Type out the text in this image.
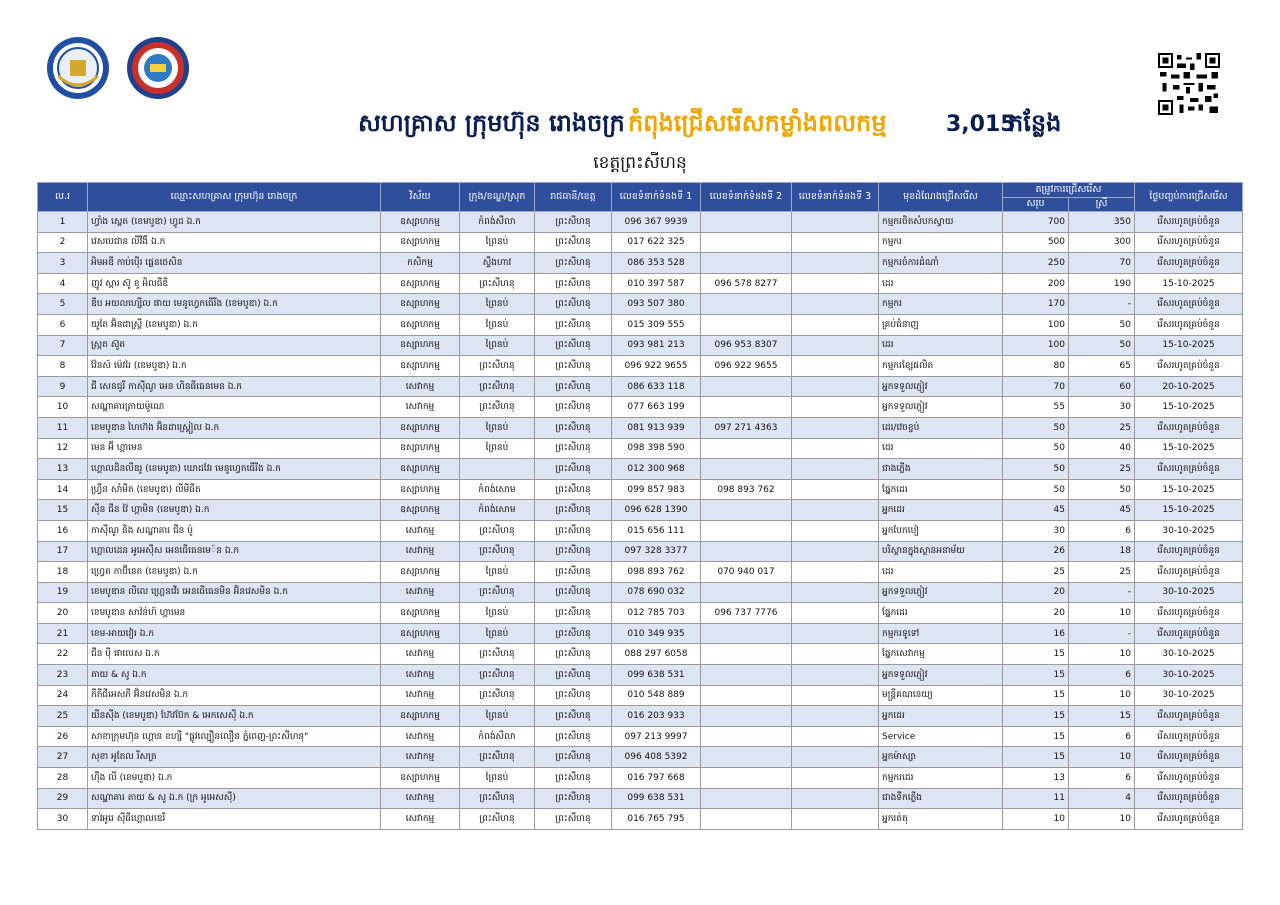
សហគ្រាស ក្រុមហ៊ុន រោងចក្រ កំពុងជ្រើសរើសកម្លាំងពលកម្ម	3,015
កន្លែង
ខេត្តព្រះសីហនុ
ល.រ	ឈ្មោះសហគ្រាស ក្រុមហ៊ុន រោងចក្រ	វិស័យ	ក្រុង/ខណ្ឌ/ស្រុក	រាជធានី/ខេត្ត	លេខទំនាក់ទំនងទី 1	លេខទំនាក់ទំនងទី 2	លេខទំនាក់ទំនងទី 3	មុខដំណែងជ្រើសរើស	តម្រូវការជ្រើសរើស		ថ្ងៃបញ្ចប់ការជ្រើសរើស
									សរុប	ស្រី	
1	ហ្វាំង ស្ពេត (ខេមបូឌា) ហ្វូដ ឯ.ក	ឧស្សាហកម្ម	កំពង់សីលា	ព្រះសីហនុ	096 367 9939			កម្មករចិតសំបកស្វាយ	700	350	រើសរហូតគ្រប់ចំនួន
2	វេសបេជាន លីវីងឹ ឯ.ក	ឧស្សាហកម្ម	ព្រៃនប់	ព្រះសីហនុ	017 622 325			កម្មករ	500	300	រើសរហូតគ្រប់ចំនួន
3	អិមអឌី កាប់ប៉ើរ ផ្លេនថេសិន	កសិកម្ម	ស្ទឹងហាវ	ព្រះសីហនុ	086 353 528			កម្មករចំការដំណាំ	250	70	រើសរហូតគ្រប់ចំនួន
4	ញូវ ស្តារ ស៊ូ ខូ អិលធីឌី	ឧស្សាហកម្ម	ព្រះសីហនុ	ព្រះសីហនុ	010 397 587	096 578 8277		ដេរ	200	190	15-10-2025
5	ឌីប អយលហ្សើល ផាយ មេនូហ្វេកធើរីង (ខេមបូឌា) ឯ.ក	ឧស្សាហកម្ម	ព្រៃនប់	ព្រះសីហនុ	093 507 380			កម្មករ	170	-	រើសរហូតគ្រប់ចំនួន
6	យូតៃ អ៊ិនដាស្ត្រី (ខេមបូឌា) ឯ.ក	ឧស្សាហកម្ម	ព្រៃនប់	ព្រះសីហនុ	015 309 555			គ្រប់ជំនាញ	100	50	រើសរហូតគ្រប់ចំនួន
7	ស្រ្កត ស៊ូត	ឧស្សាហកម្ម	ព្រៃនប់	ព្រះសីហនុ	093 981 213	096 953 8307		ដេរ	100	50	15-10-2025
8	វ៉ែនស៍ ម៉េវរៃ (ខេមបូឌា) ឯ.ក	ឧស្សាហកម្ម	ព្រះសីហនុ	ព្រះសីហនុ	096 922 9655	096 922 9655		កម្មករខ្សែផលិត	80	65	រើសរហូតគ្រប់ចំនួន
9	ជី សេនជូរី កាស៊ីណូ អេន ហិនធីធេនមេន ឯ.ក	សេវាកម្ម	ព្រះសីហនុ	ព្រះសីហនុ	086 633 118			អ្នកទទួលភ្ញៀវ	70	60	20-10-2025
10	សណ្ឋាគារត្រាយម៉ូណេ	សេវាកម្ម	ព្រះសីហនុ	ព្រះសីហនុ	077 663 199			អ្នកទទួលភ្ញៀវ	55	30	15-10-2025
11	ខេមបូឌាន ហៃហ៊ង អ៊ិនដាស្ត្រៀល ឯ.ក	ឧស្សាហកម្ម	ព្រៃនប់	ព្រះសីហនុ	081 913 939	097 271 4363		ដេរ/វេចខ្ចប់	50	25	រើសរហូតគ្រប់ចំនួន
12	មេន អ៊ី ហ្គាមេន	ឧស្សាហកម្ម	ព្រៃនប់	ព្រះសីហនុ	098 398 590			ដេរ	50	40	15-10-2025
13	ហ្គោលដិនលីឌរូ (ខេមបូឌា) ឃោដវែរ មេនូហ្វេកធើរីង ឯ.ក	ឧស្សាហកម្ម		ព្រះសីហនុ	012 300 968			ជាងភ្លើង	50	25	រើសរហូតគ្រប់ចំនួន
14	ហ្វ្រឹន សាំមីត (ខេមបូឌា) លីមីធីត	ឧស្សាហកម្ម	កំពង់សោម	ព្រះសីហនុ	099 857 983	098 893 762		ផ្នែកដេរ	50	50	15-10-2025
15	ស៊ីន ជីន វ៉ៃ ហ្គាមិន (ខេមបូឌា) ឯ.ក	ឧស្សាហកម្ម	កំពង់សោម	ព្រះសីហនុ	096 628 1390			អ្នកដេរ	45	45	15-10-2025
16	កាស៊ីណូ និង សណ្ឋាគារ ជីន ប៉ូ	សេវាកម្ម	ព្រះសីហនុ	ព្រះសីហនុ	015 656 111			អ្នកបែកបៀ	30	6	30-10-2025
17	ហ្គោលដេន អូអេស៊ីស អេនធើធេនមេ៉ន ឯ.ក	សេវាកម្ម	ព្រះសីហនុ	ព្រះសីហនុ	097 328 3377			បរិស្ថានក្នុងស្ថានអនាម័យ	26	18	រើសរហូតគ្រប់ចំនួន
18	ហ្វ្រេត កាប៊ីនេត (ខេមបូឌា) ឯ.ក	ឧស្សាហកម្ម	ព្រៃនប់	ព្រះសីហនុ	098 893 762	070 940 017		ដេរ	25	25	រើសរហូតគ្រប់ចំនួន
19	ខេមបូឌាន លីលេ ហ្គ្រេនវើរ អេនធើធេនមិន អ៊ិនវេសមិន ឯ.ក	សេវាកម្ម	ព្រះសីហនុ	ព្រះសីហនុ	078 690 032			អ្នកទទួលភ្ញៀវ	20	-	30-10-2025
20	ខេមបូឌាន សាវ៉ន់ហ៍ ហ្គាមេន	ឧស្សាហកម្ម	ព្រៃនប់	ព្រះសីហនុ	012 785 703	096 737 7776		ផ្នែកដេរ	20	10	រើសរហូតគ្រប់ចំនួន
21	ខេម-អាយវៀរ ឯ.ក	ឧស្សាហកម្ម	ព្រៃនប់	ព្រះសីហនុ	010 349 935			កម្មករទូទៅ	16	-	រើសរហូតគ្រប់ចំនួន
22	ជីន ប៉ី ផាលេស ឯ.ក	សេវាកម្ម	ព្រះសីហនុ	ព្រះសីហនុ	088 297 6058			ផ្នែកសេវាកម្ម	15	10	30-10-2025
23	តាយ & សូ ឯ.ក	សេវាកម្ម	ព្រះសីហនុ	ព្រះសីហនុ	099 638 531			អ្នកទទួលភ្ញៀវ	15	6	30-10-2025
24	ភីភីជីអេសភី អ៊ិនវេសមិន ឯ.ក	សេវាកម្ម	ព្រះសីហនុ	ព្រះសីហនុ	010 548 889			មន្ត្រីគណនេយ្យ	15	10	30-10-2025
25	យីនស៊ីង (ខេមបូឌា) ហ៊ែវប៊ែក & អេកសេស៊ី ឯ.ក	ឧស្សាហកម្ម	ព្រៃនប់	ព្រះសីហនុ	016 203 933			អ្នកដេរ	15	15	រើសរហូតគ្រប់ចំនួន
26	សាខាក្រុមហ៊ុន ហ្គោន ខហ្សី "ផ្លូវល្បឿនលឿន ភ្នំពេញ-ព្រះសីហនុ"	សេវាកម្ម	កំពង់សីលា	ព្រះសីហនុ	097 213 9997			Service	15	6	រើសរហូតគ្រប់ចំនួន
27	សុខា អូតែល រីសត្រ	សេវាកម្ម	ព្រះសីហនុ	ព្រះសីហនុ	096 408 5392			អ្នកម៉ាស្សា	15	10	រើសរហូតគ្រប់ចំនួន
28	ហ៊ឺង លី (ខេមបូឌា) ឯ.ក	ឧស្សាហកម្ម	ព្រៃនប់	ព្រះសីហនុ	016 797 668			កម្មករដេរ	13	6	រើសរហូតគ្រប់ចំនួន
29	សណ្ឋាគារ តាយ & សូ ឯ.ក (ក្រ អូអេសស៊ី)	សេវាកម្ម	ព្រះសីហនុ	ព្រះសីហនុ	099 638 531			ជាងទឹកភ្លើង	11	4	រើសរហូតគ្រប់ចំនួន
30	ទាវ់អូរេ ស៊ីធីហ្គោលឌេរី	សេវាកម្ម	ព្រះសីហនុ	ព្រះសីហនុ	016 765 795			អ្នករត់តុ	10	10	រើសរហូតគ្រប់ចំនួន
